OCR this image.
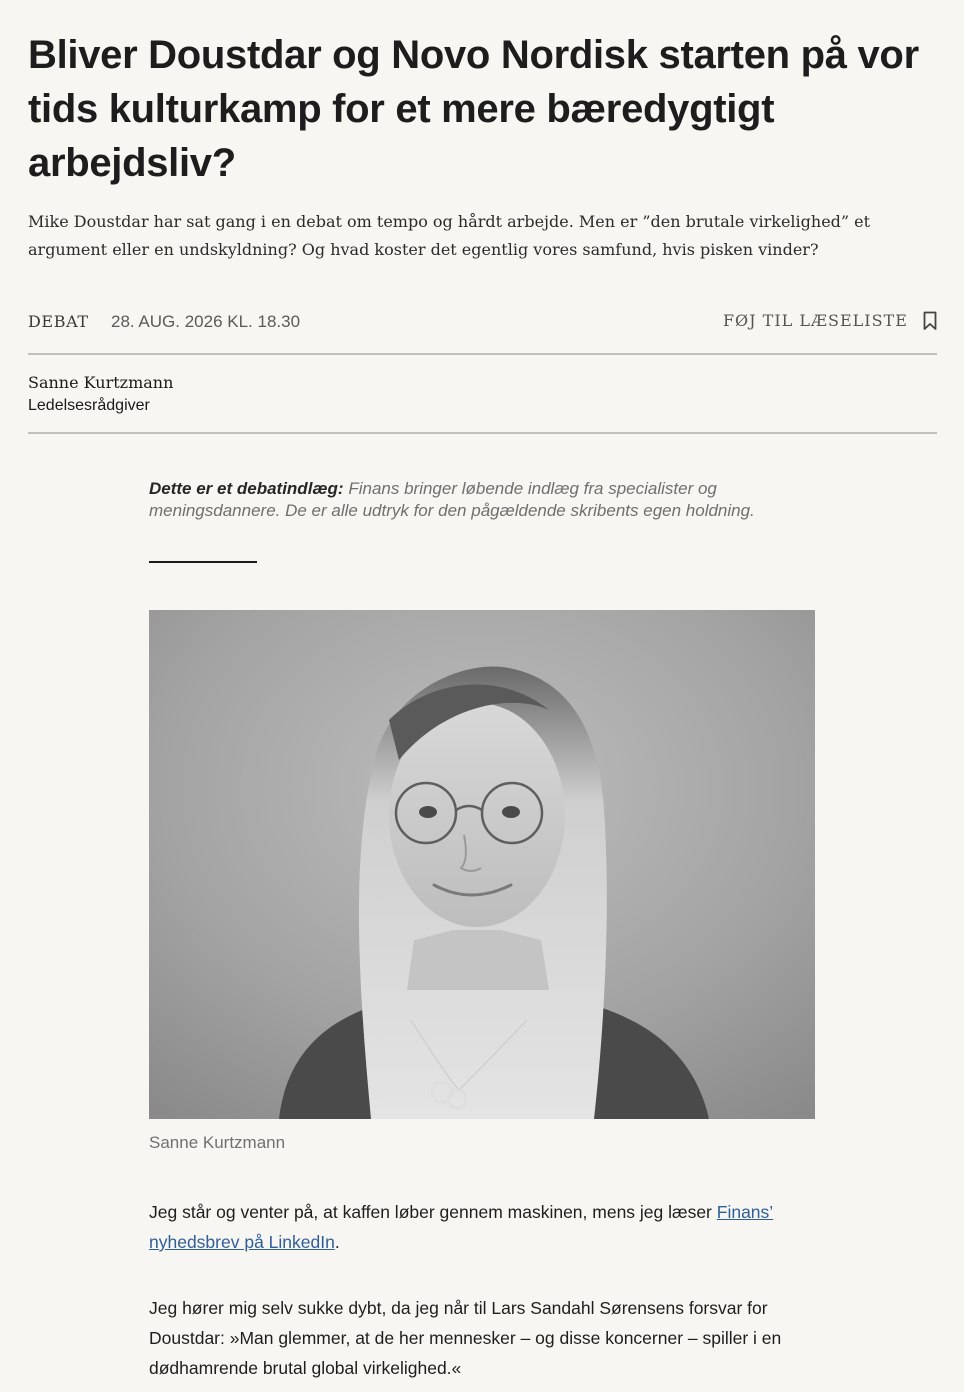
Bliver Doustdar og Novo Nordisk starten på vor tids kulturkamp for et mere bæredygtigt arbejdsliv?

Mike Doustdar har sat gang i en debat om tempo og hårdt arbejde. Men er ”den brutale virkelighed” et argument eller en undskyldning? Og hvad koster det egentlig vores samfund, hvis pisken vinder?

DEBAT 28. AUG. 2026 KL. 18.30	FØJ TIL LÆSELISTE
Sanne Kurtzmann
Ledelsesrådgiver

Dette er et debatindlæg: Finans bringer løbende indlæg fra specialister og meningsdannere. De er alle udtryk for den pågældende skribents egen holdning.

Sanne Kurtzmann

Jeg står og venter på, at kaffen løber gennem maskinen, mens jeg læser Finans’ nyhedsbrev på LinkedIn.

Jeg hører mig selv sukke dybt, da jeg når til Lars Sandahl Sørensens forsvar for Doustdar: »Man glemmer, at de her mennesker – og disse koncerner – spiller i en dødhamrende brutal global virkelighed.«
